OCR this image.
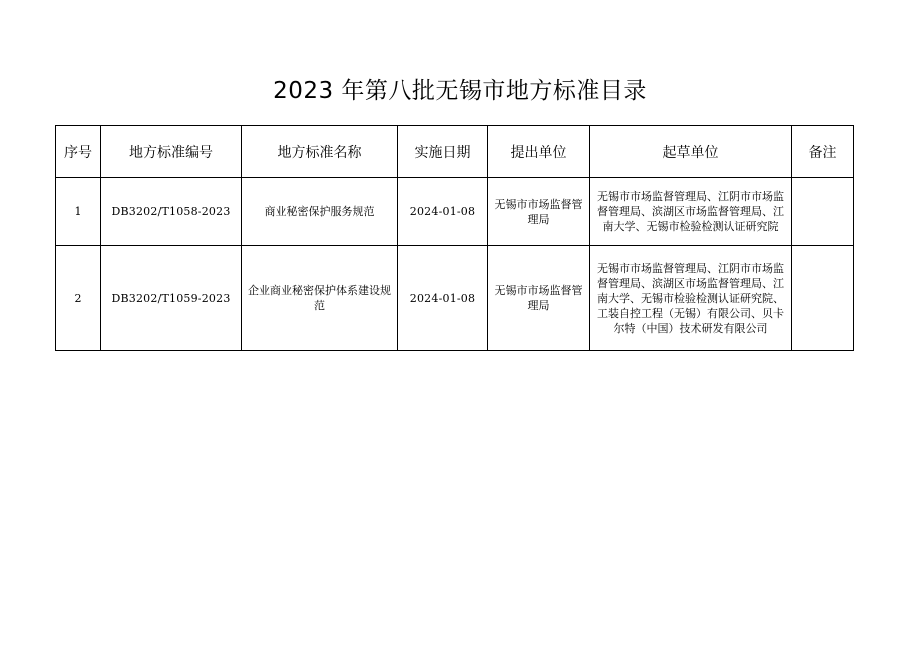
2023 年第八批无锡市地方标准目录
序号	地方标准编号	地方标准名称	实施日期	提出单位	起草单位	备注
1	DB3202/T1058-2023	商业秘密保护服务规范	2024-01-08	无锡市市场监督管理局	无锡市市场监督管理局、江阴市市场监督管理局、滨湖区市场监督管理局、江南大学、无锡市检验检测认证研究院	
2	DB3202/T1059-2023	企业商业秘密保护体系建设规范	2024-01-08	无锡市市场监督管理局	无锡市市场监督管理局、江阴市市场监督管理局、滨湖区市场监督管理局、江南大学、无锡市检验检测认证研究院、工装自控工程（无锡）有限公司、贝卡尔特（中国）技术研发有限公司	
